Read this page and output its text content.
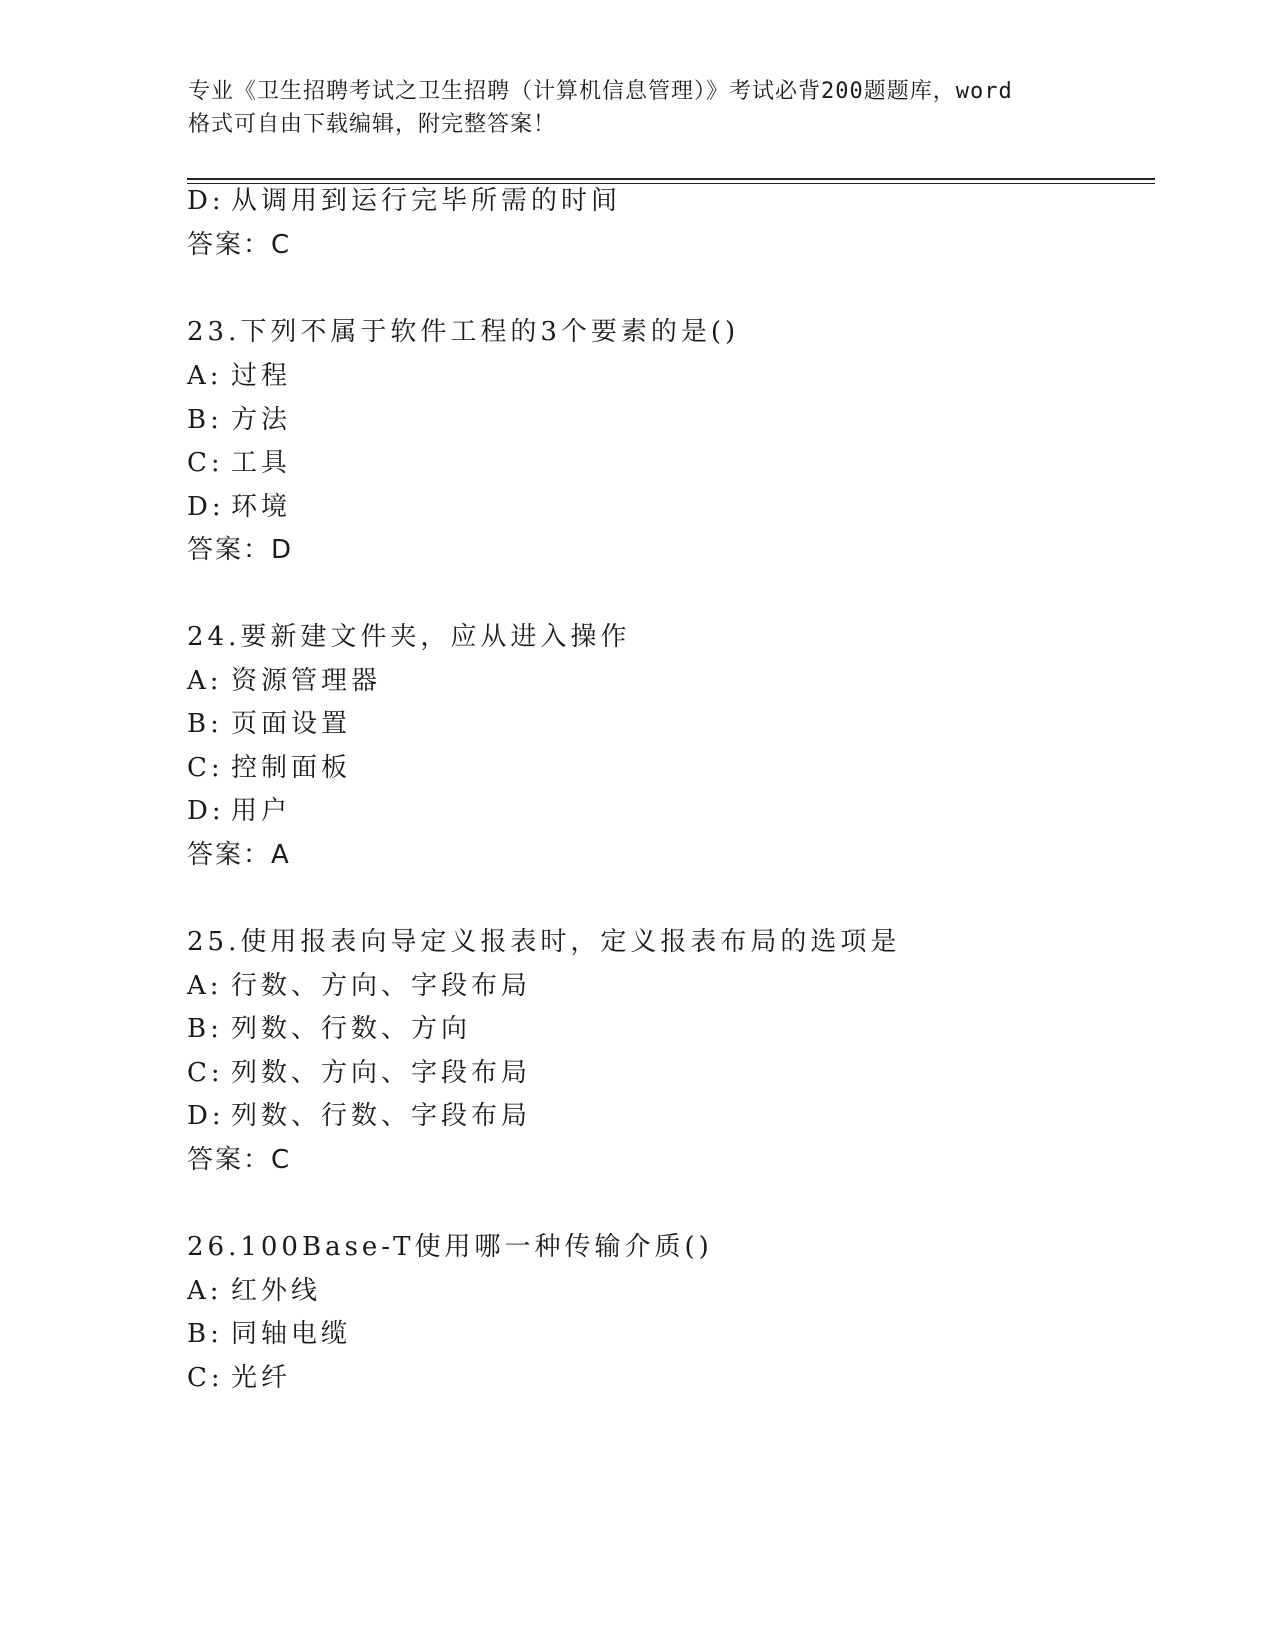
专业《卫生招聘考试之卫生招聘（计算机信息管理）》考试必背200题题库，word
格式可自由下载编辑，附完整答案！
D: 从调用到运行完毕所需的时间
答案：C
23.下列不属于软件工程的3个要素的是()
A: 过程
B: 方法
C: 工具
D: 环境
答案：D
24.要新建文件夹，应从进入操作
A: 资源管理器
B: 页面设置
C: 控制面板
D: 用户
答案：A
25.使用报表向导定义报表时，定义报表布局的选项是
A: 行数、方向、字段布局
B: 列数、行数、方向
C: 列数、方向、字段布局
D: 列数、行数、字段布局
答案：C
26.100Base-T使用哪一种传输介质()
A: 红外线
B: 同轴电缆
C: 光纤
